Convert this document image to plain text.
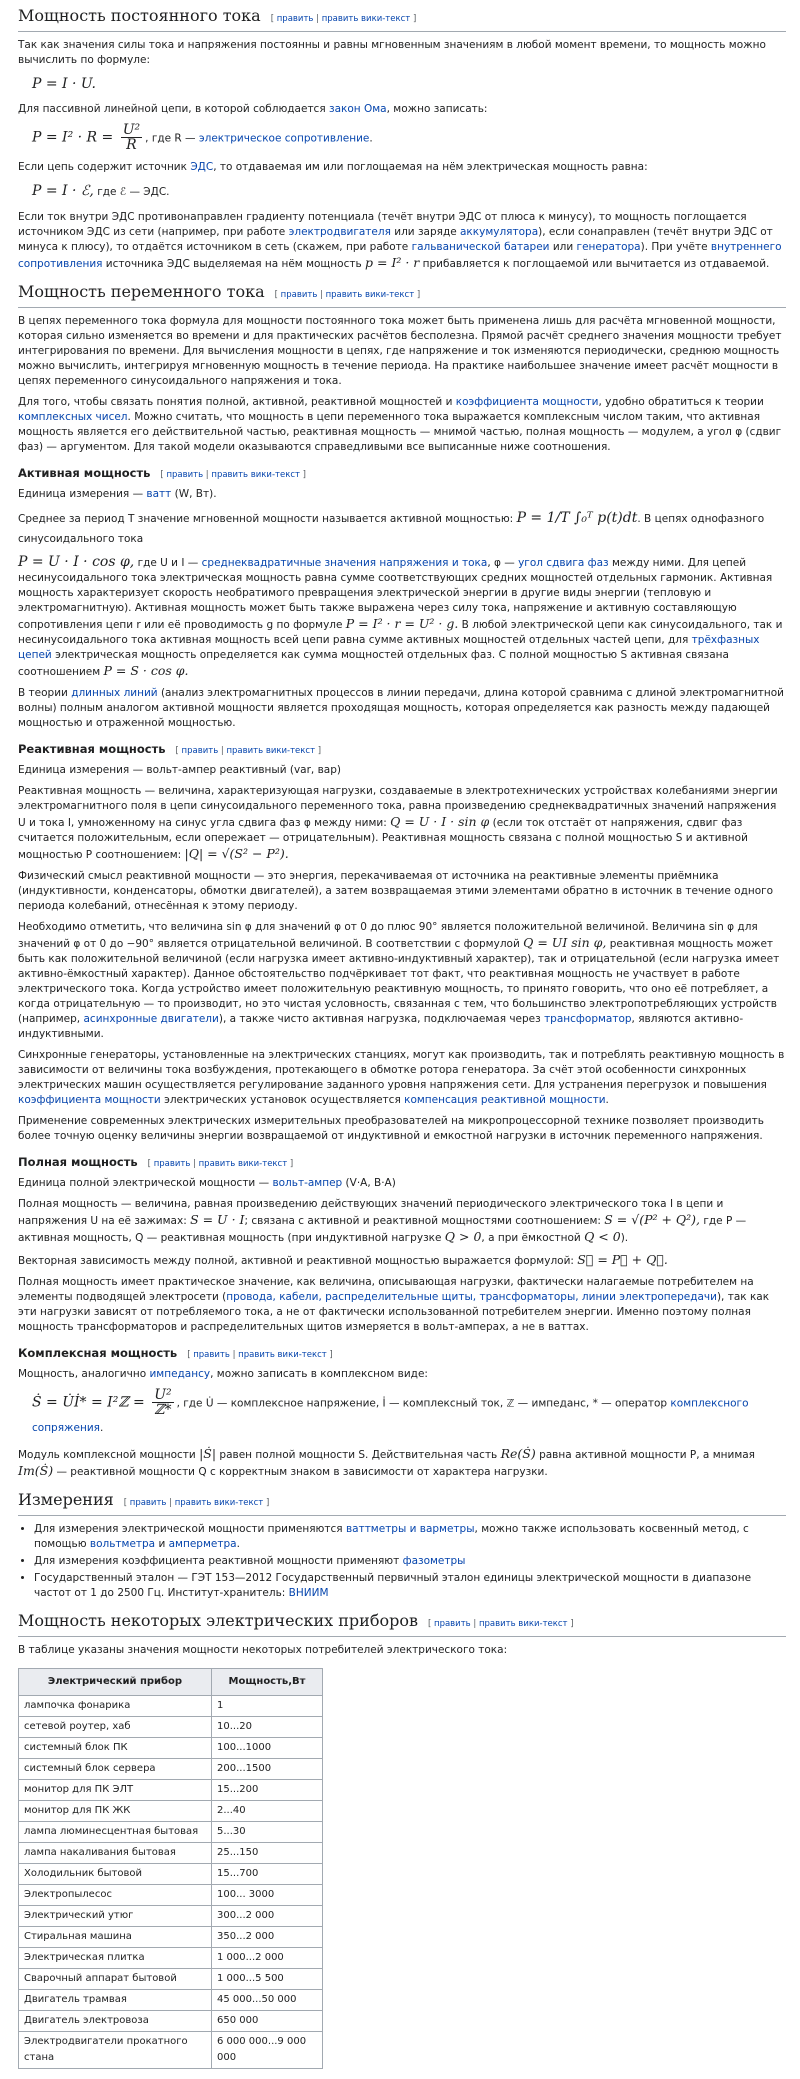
Мощность постоянного тока [ править | править вики-текст ]

Так как значения силы тока и напряжения постоянны и равны мгновенным значениям в любой момент времени, то мощность можно вычислить по формуле:

P = I · U.

Для пассивной линейной цепи, в которой соблюдается закон Ома, можно записать:

$P = I^2 \cdot R = \frac{\text{U²}}{R}$ , где R — электрическое сопротивление.

Если цепь содержит источник ЭДС, то отдаваемая им или поглощаемая на нём электрическая мощность равна:

P = I · ℰ, где ℰ — ЭДС.

Если ток внутри ЭДС противонаправлен градиенту потенциала (течёт внутри ЭДС от плюса к минусу), то мощность поглощается источником ЭДС из сети (например, при работе электродвигателя или заряде аккумулятора), если сонаправлен (течёт внутри ЭДС от минуса к плюсу), то отдаётся источником в сеть (скажем, при работе гальванической батареи или генератора). При учёте внутреннего сопротивления источника ЭДС выделяемая на нём мощность p = I² · r прибавляется к поглощаемой или вычитается из отдаваемой.

Мощность переменного тока [ править | править вики-текст ]

В цепях переменного тока формула для мощности постоянного тока может быть применена лишь для расчёта мгновенной мощности, которая сильно изменяется во времени и для практических расчётов бесполезна. Прямой расчёт среднего значения мощности требует интегрирования по времени. Для вычисления мощности в цепях, где напряжение и ток изменяются периодически, среднюю мощность можно вычислить, интегрируя мгновенную мощность в течение периода. На практике наибольшее значение имеет расчёт мощности в цепях переменного синусоидального напряжения и тока.

Для того, чтобы связать понятия полной, активной, реактивной мощностей и коэффициента мощности, удобно обратиться к теории комплексных чисел. Можно считать, что мощность в цепи переменного тока выражается комплексным числом таким, что активная мощность является его действительной частью, реактивная мощность — мнимой частью, полная мощность — модулем, а угол φ (сдвиг фаз) — аргументом. Для такой модели оказываются справедливыми все выписанные ниже соотношения.

Активная мощность [ править | править вики-текст ]

Единица измерения — ватт (W, Вт).

Среднее за период T значение мгновенной мощности называется активной мощностью: P = 1/T ∫₀ᵀ p(t)dt. В цепях однофазного синусоидального тока

P = U · I · cos φ, где U и I — среднеквадратичные значения напряжения и тока, φ — угол сдвига фаз между ними. Для цепей несинусоидального тока электрическая мощность равна сумме соответствующих средних мощностей отдельных гармоник. Активная мощность характеризует скорость необратимого превращения электрической энергии в другие виды энергии (тепловую и электромагнитную). Активная мощность может быть также выражена через силу тока, напряжение и активную составляющую сопротивления цепи r или её проводимость g по формуле P = I² · r = U² · g. В любой электрической цепи как синусоидального, так и несинусоидального тока активная мощность всей цепи равна сумме активных мощностей отдельных частей цепи, для трёхфазных цепей электрическая мощность определяется как сумма мощностей отдельных фаз. С полной мощностью S активная связана соотношением P = S · cos φ.

В теории длинных линий (анализ электромагнитных процессов в линии передачи, длина которой сравнима с длиной электромагнитной волны) полным аналогом активной мощности является проходящая мощность, которая определяется как разность между падающей мощностью и отраженной мощностью.

Реактивная мощность [ править | править вики-текст ]

Единица измерения — вольт-ампер реактивный (var, вар)

Реактивная мощность — величина, характеризующая нагрузки, создаваемые в электротехнических устройствах колебаниями энергии электромагнитного поля в цепи синусоидального переменного тока, равна произведению среднеквадратичных значений напряжения U и тока I, умноженному на синус угла сдвига фаз φ между ними: Q = U · I · sin φ (если ток отстаёт от напряжения, сдвиг фаз считается положительным, если опережает — отрицательным). Реактивная мощность связана с полной мощностью S и активной мощностью P соотношением: |Q| = √(S² − P²).

Физический смысл реактивной мощности — это энергия, перекачиваемая от источника на реактивные элементы приёмника (индуктивности, конденсаторы, обмотки двигателей), а затем возвращаемая этими элементами обратно в источник в течение одного периода колебаний, отнесённая к этому периоду.

Необходимо отметить, что величина sin φ для значений φ от 0 до плюс 90° является положительной величиной. Величина sin φ для значений φ от 0 до −90° является отрицательной величиной. В соответствии с формулой Q = UI sin φ, реактивная мощность может быть как положительной величиной (если нагрузка имеет активно-индуктивный характер), так и отрицательной (если нагрузка имеет активно-ёмкостный характер). Данное обстоятельство подчёркивает тот факт, что реактивная мощность не участвует в работе электрического тока. Когда устройство имеет положительную реактивную мощность, то принято говорить, что оно её потребляет, а когда отрицательную — то производит, но это чистая условность, связанная с тем, что большинство электропотребляющих устройств (например, асинхронные двигатели), а также чисто активная нагрузка, подключаемая через трансформатор, являются активно-индуктивными.

Синхронные генераторы, установленные на электрических станциях, могут как производить, так и потреблять реактивную мощность в зависимости от величины тока возбуждения, протекающего в обмотке ротора генератора. За счёт этой особенности синхронных электрических машин осуществляется регулирование заданного уровня напряжения сети. Для устранения перегрузок и повышения коэффициента мощности электрических установок осуществляется компенсация реактивной мощности.

Применение современных электрических измерительных преобразователей на микропроцессорной технике позволяет производить более точную оценку величины энергии возвращаемой от индуктивной и емкостной нагрузки в источник переменного напряжения.

Полная мощность [ править | править вики-текст ]

Единица полной электрической мощности — вольт-ампер (V·A, B·A)

Полная мощность — величина, равная произведению действующих значений периодического электрического тока I в цепи и напряжения U на её зажимах: S = U · I; связана с активной и реактивной мощностями соотношением: S = √(P² + Q²), где P — активная мощность, Q — реактивная мощность (при индуктивной нагрузке Q > 0, а при ёмкостной Q < 0).

Векторная зависимость между полной, активной и реактивной мощностью выражается формулой: S⃗ = P⃗ + Q⃗.

Полная мощность имеет практическое значение, как величина, описывающая нагрузки, фактически налагаемые потребителем на элементы подводящей электросети (провода, кабели, распределительные щиты, трансформаторы, линии электропередачи), так как эти нагрузки зависят от потребляемого тока, а не от фактически использованной потребителем энергии. Именно поэтому полная мощность трансформаторов и распределительных щитов измеряется в вольт-амперах, а не в ваттах.

Комплексная мощность [ править | править вики-текст ]

Мощность, аналогично импедансу, можно записать в комплексном виде:

Ṡ = U̇İ* = I²ℤ = $\frac{\text{U²}}{\text{ℤ*}}$ , где U̇ — комплексное напряжение, İ — комплексный ток, ℤ — импеданс, * — оператор комплексного сопряжения.

Модуль комплексной мощности |Ṡ| равен полной мощности S. Действительная часть Re(Ṡ) равна активной мощности P, а мнимая Im(Ṡ) — реактивной мощности Q с корректным знаком в зависимости от характера нагрузки.

Измерения [ править | править вики-текст ]
• Для измерения электрической мощности применяются ваттметры и варметры, можно также использовать косвенный метод, с помощью вольтметра и амперметра.
• Для измерения коэффициента реактивной мощности применяют фазометры
• Государственный эталон — ГЭТ 153—2012 Государственный первичный эталон единицы электрической мощности в диапазоне частот от 1 до 2500 Гц. Институт-хранитель: ВНИИМ
Мощность некоторых электрических приборов [ править | править вики-текст ]

В таблице указаны значения мощности некоторых потребителей электрического тока:

Электрический прибор	Мощность,Вт
лампочка фонарика	1
сетевой роутер, хаб	10...20
системный блок ПК	100...1000
системный блок сервера	200...1500
монитор для ПК ЭЛТ	15...200
монитор для ПК ЖК	2...40
лампа люминесцентная бытовая	5...30
лампа накаливания бытовая	25...150
Холодильник бытовой	15...700
Электропылесос	100... 3000
Электрический утюг	300...2 000
Стиральная машина	350...2 000
Электрическая плитка	1 000...2 000
Сварочный аппарат бытовой	1 000...5 500
Двигатель трамвая	45 000...50 000
Двигатель электровоза	650 000
Электродвигатели прокатного стана	6 000 000...9 000 000
